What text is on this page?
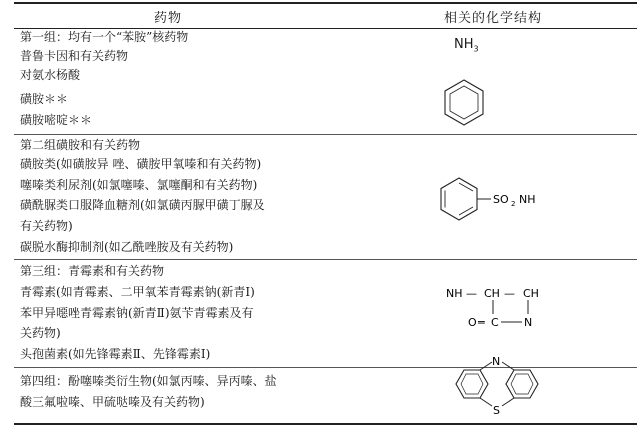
药物	相关的化学结构
第一组：均有一个“苯胺”核药物
普鲁卡因和有关药物
对氨水杨酸
磺胺＊＊
磺胺嘧啶＊＊
第二组磺胺和有关药物
磺胺类(如磺胺异 唑、磺胺甲氧嗪和有关药物)
噻嗪类利尿剂(如氯噻嗪、氯噻酮和有关药物)
磺酰脲类口服降血糖剂(如氯磺丙脲甲磺丁脲及
有关药物)
碳脱水酶抑制剂(如乙酰唑胺及有关药物)
第三组：青霉素和有关药物
青霉素(如青霉素、二甲氧苯青霉素钠(新青Ⅰ)
苯甲异噁唑青霉素钠(新青Ⅱ)氨苄青霉素及有
关药物)
头孢菌素(如先锋霉素Ⅱ、先锋霉素Ⅰ)
第四组：酚噻嗪类衍生物(如氯丙嗪、异丙嗪、盐
酸三氟啦嗪、甲硫哒嗪及有关药物)
$NH_3$
SO 2 NH
NH — CH — CH
O ═ C N
N
S
